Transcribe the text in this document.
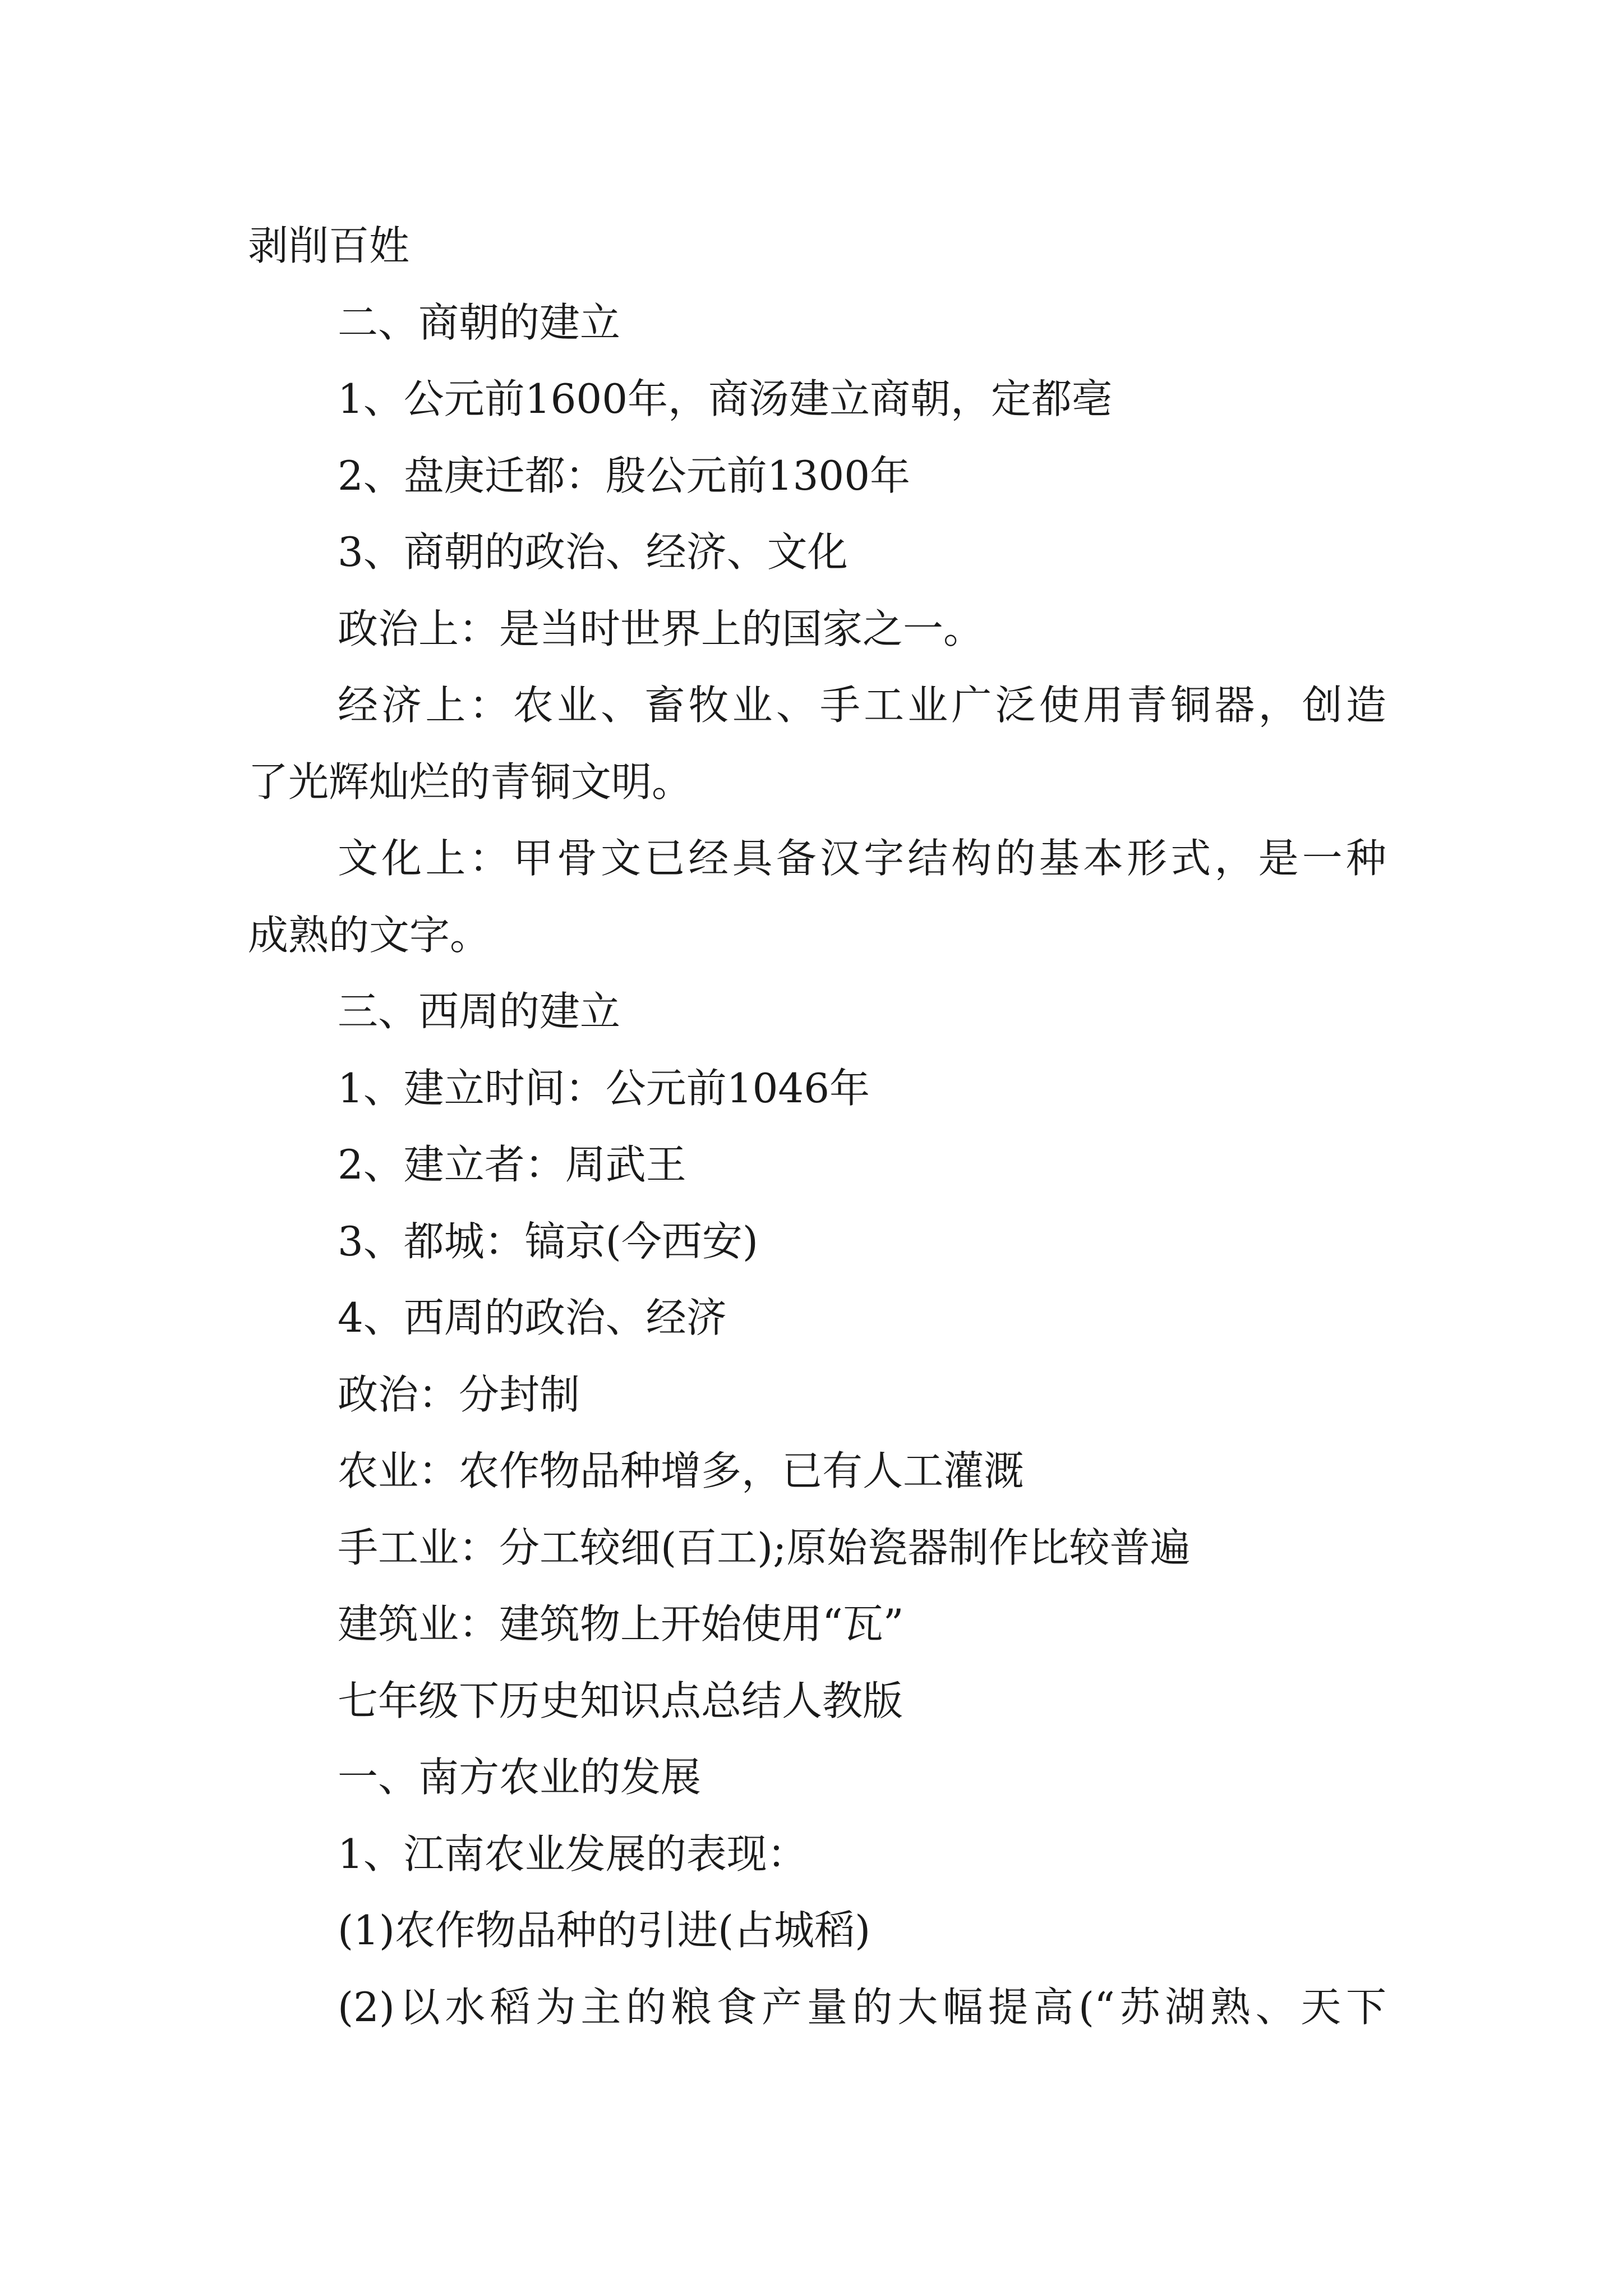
剥削百姓
二、商朝的建立
1、公元前1600年，商汤建立商朝，定都亳
2、盘庚迁都：殷公元前1300年
3、商朝的政治、经济、文化
政治上：是当时世界上的国家之一。
经济上：农业、畜牧业、手工业广泛使用青铜器，创造
了光辉灿烂的青铜文明。
文化上：甲骨文已经具备汉字结构的基本形式，是一种
成熟的文字。
三、西周的建立
1、建立时间：公元前1046年
2、建立者：周武王
3、都城：镐京(今西安)
4、西周的政治、经济
政治：分封制
农业：农作物品种增多，已有人工灌溉
手工业：分工较细(百工);原始瓷器制作比较普遍
建筑业：建筑物上开始使用“瓦”
七年级下历史知识点总结人教版
一、南方农业的发展
1、江南农业发展的表现：
(1)农作物品种的引进(占城稻)
(2)以水稻为主的粮食产量的大幅提高(“苏湖熟、天下
